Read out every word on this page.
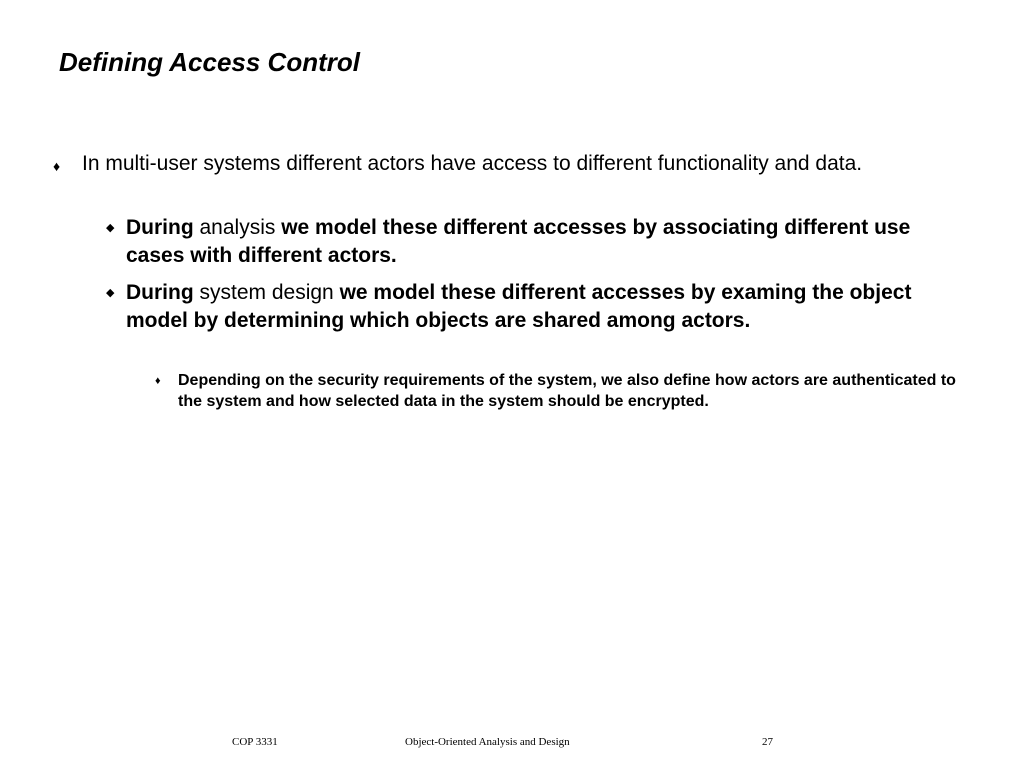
Defining Access Control
♦ In multi-user systems different actors have access to different functionality and data.
◆ During analysis we model these different accesses by associating different use cases with different actors.
◆ During system design we model these different accesses by examing the object model by determining which objects are shared among actors.
♦ Depending on the security requirements of the system, we also define how actors are authenticated to the system and how selected data in the system should be encrypted.
COP 3331	Object-Oriented Analysis and Design	27
